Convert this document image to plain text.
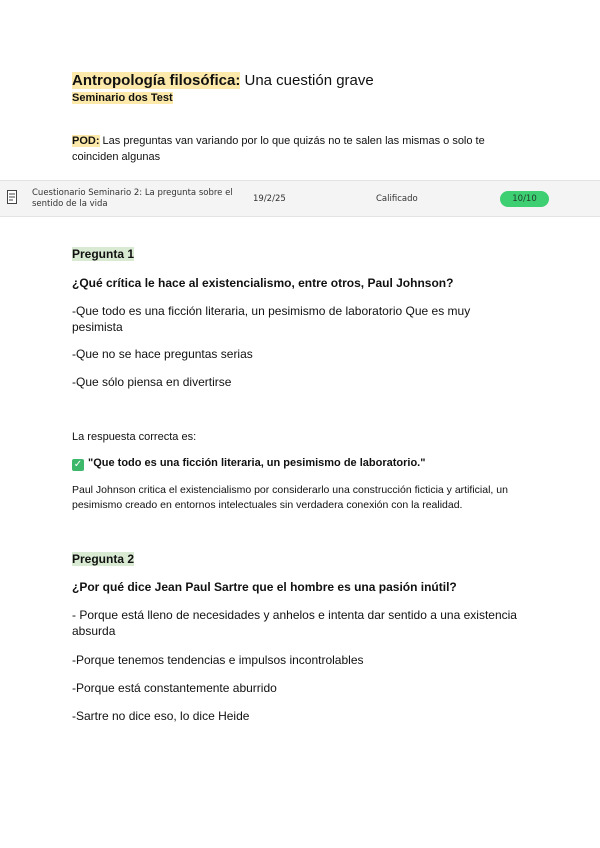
Antropología filosófica: Una cuestión grave
Seminario dos Test
POD: Las preguntas van variando por lo que quizás no te salen las mismas o solo te coinciden algunas
Cuestionario Seminario 2: La pregunta sobre el sentido de la vida	19/2/25	Calificado	10/10
Pregunta 1
¿Qué crítica le hace al existencialismo, entre otros, Paul Johnson?
-Que todo es una ficción literaria, un pesimismo de laboratorio Que es muy pesimista
-Que no se hace preguntas serias
-Que sólo piensa en divertirse
La respuesta correcta es:
✓ "Que todo es una ficción literaria, un pesimismo de laboratorio."
Paul Johnson critica el existencialismo por considerarlo una construcción ficticia y artificial, un pesimismo creado en entornos intelectuales sin verdadera conexión con la realidad.
Pregunta 2
¿Por qué dice Jean Paul Sartre que el hombre es una pasión inútil?
- Porque está lleno de necesidades y anhelos e intenta dar sentido a una existencia absurda
-Porque tenemos tendencias e impulsos incontrolables
-Porque está constantemente aburrido
-Sartre no dice eso, lo dice Heide
